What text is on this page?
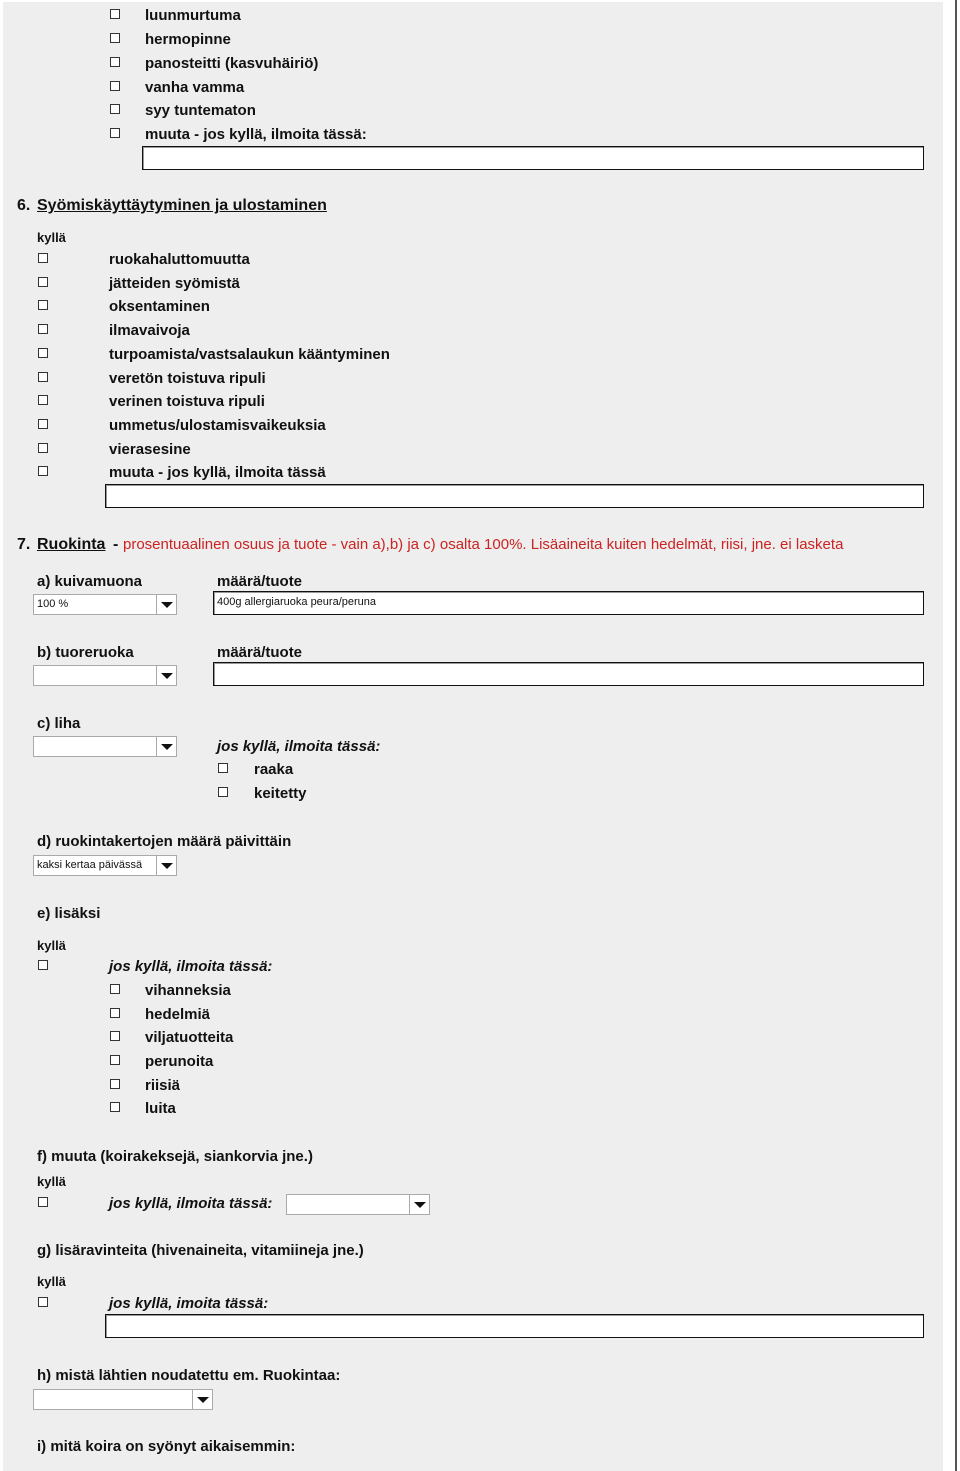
luunmurtuma
hermopinne
panosteitti (kasvuhäiriö)
vanha vamma
syy tuntematon
muuta - jos kyllä, ilmoita tässä:
6. Syömiskäyttäytyminen ja ulostaminen
kyllä
ruokahaluttomuutta
jätteiden syömistä
oksentaminen
ilmavaivoja
turpoamista/vastsalaukun kääntyminen
veretön toistuva ripuli
verinen toistuva ripuli
ummetus/ulostamisvaikeuksia
vierasesine
muuta - jos kyllä, ilmoita tässä
7. Ruokinta - prosentuaalinen osuus ja tuote - vain a),b) ja c) osalta 100%. Lisäaineita kuiten hedelmät, riisi, jne. ei lasketa
a) kuivamuona	määrä/tuote
100 %	400g allergiaruoka peura/peruna
b) tuoreruoka	määrä/tuote
c) liha
jos kyllä, ilmoita tässä:
raaka
keitetty
d) ruokintakertojen määrä päivittäin
kaksi kertaa päivässä
e) lisäksi
kyllä
jos kyllä, ilmoita tässä:
vihanneksia
hedelmiä
viljatuotteita
perunoita
riisiä
luita
f) muuta (koirakeksejä, siankorvia jne.)
kyllä
jos kyllä, ilmoita tässä:
g) lisäravinteita (hivenaineita, vitamiineja jne.)
kyllä
jos kyllä, imoita tässä:
h) mistä lähtien noudatettu em. Ruokintaa:
i) mitä koira on syönyt aikaisemmin:
